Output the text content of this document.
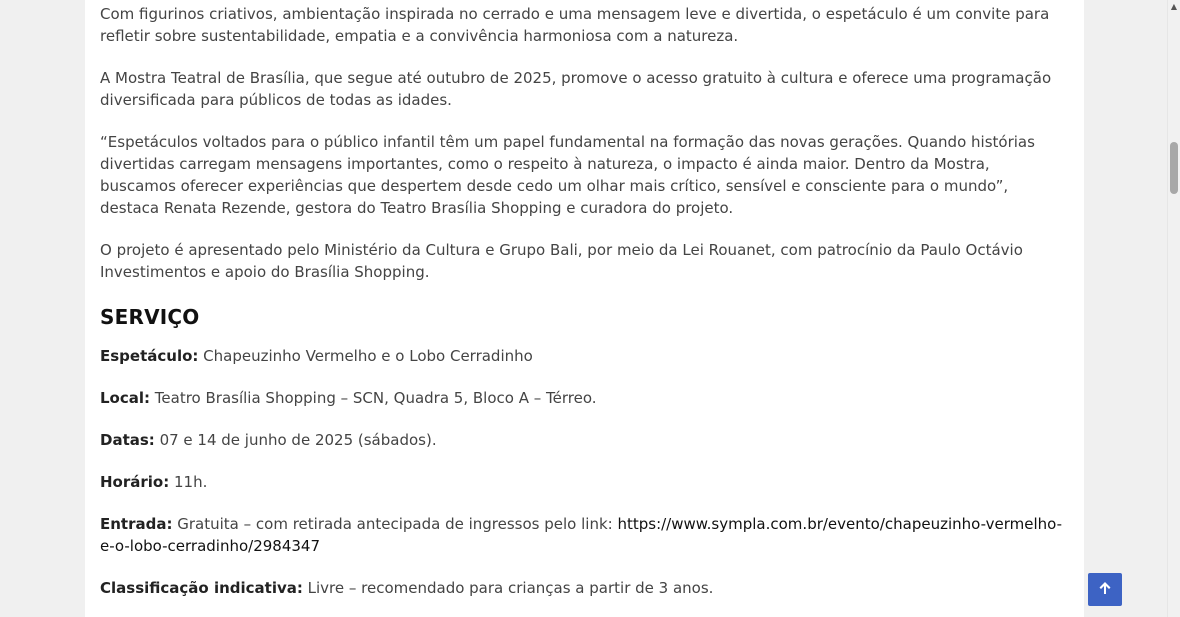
Com figurinos criativos, ambientação inspirada no cerrado e uma mensagem leve e divertida, o espetáculo é um convite para refletir sobre sustentabilidade, empatia e a convivência harmoniosa com a natureza.

A Mostra Teatral de Brasília, que segue até outubro de 2025, promove o acesso gratuito à cultura e oferece uma programação diversificada para públicos de todas as idades.

“Espetáculos voltados para o público infantil têm um papel fundamental na formação das novas gerações. Quando histórias divertidas carregam mensagens importantes, como o respeito à natureza, o impacto é ainda maior. Dentro da Mostra, buscamos oferecer experiências que despertem desde cedo um olhar mais crítico, sensível e consciente para o mundo”, destaca Renata Rezende, gestora do Teatro Brasília Shopping e curadora do projeto.

O projeto é apresentado pelo Ministério da Cultura e Grupo Bali, por meio da Lei Rouanet, com patrocínio da Paulo Octávio Investimentos e apoio do Brasília Shopping.

SERVIÇO

Espetáculo: Chapeuzinho Vermelho e o Lobo Cerradinho

Local: Teatro Brasília Shopping – SCN, Quadra 5, Bloco A – Térreo.

Datas: 07 e 14 de junho de 2025 (sábados).

Horário: 11h.

Entrada: Gratuita – com retirada antecipada de ingressos pelo link: https://www.sympla.com.br/evento/chapeuzinho-vermelho-e-o-lobo-cerradinho/2984347

Classificação indicativa: Livre – recomendado para crianças a partir de 3 anos.

▲
